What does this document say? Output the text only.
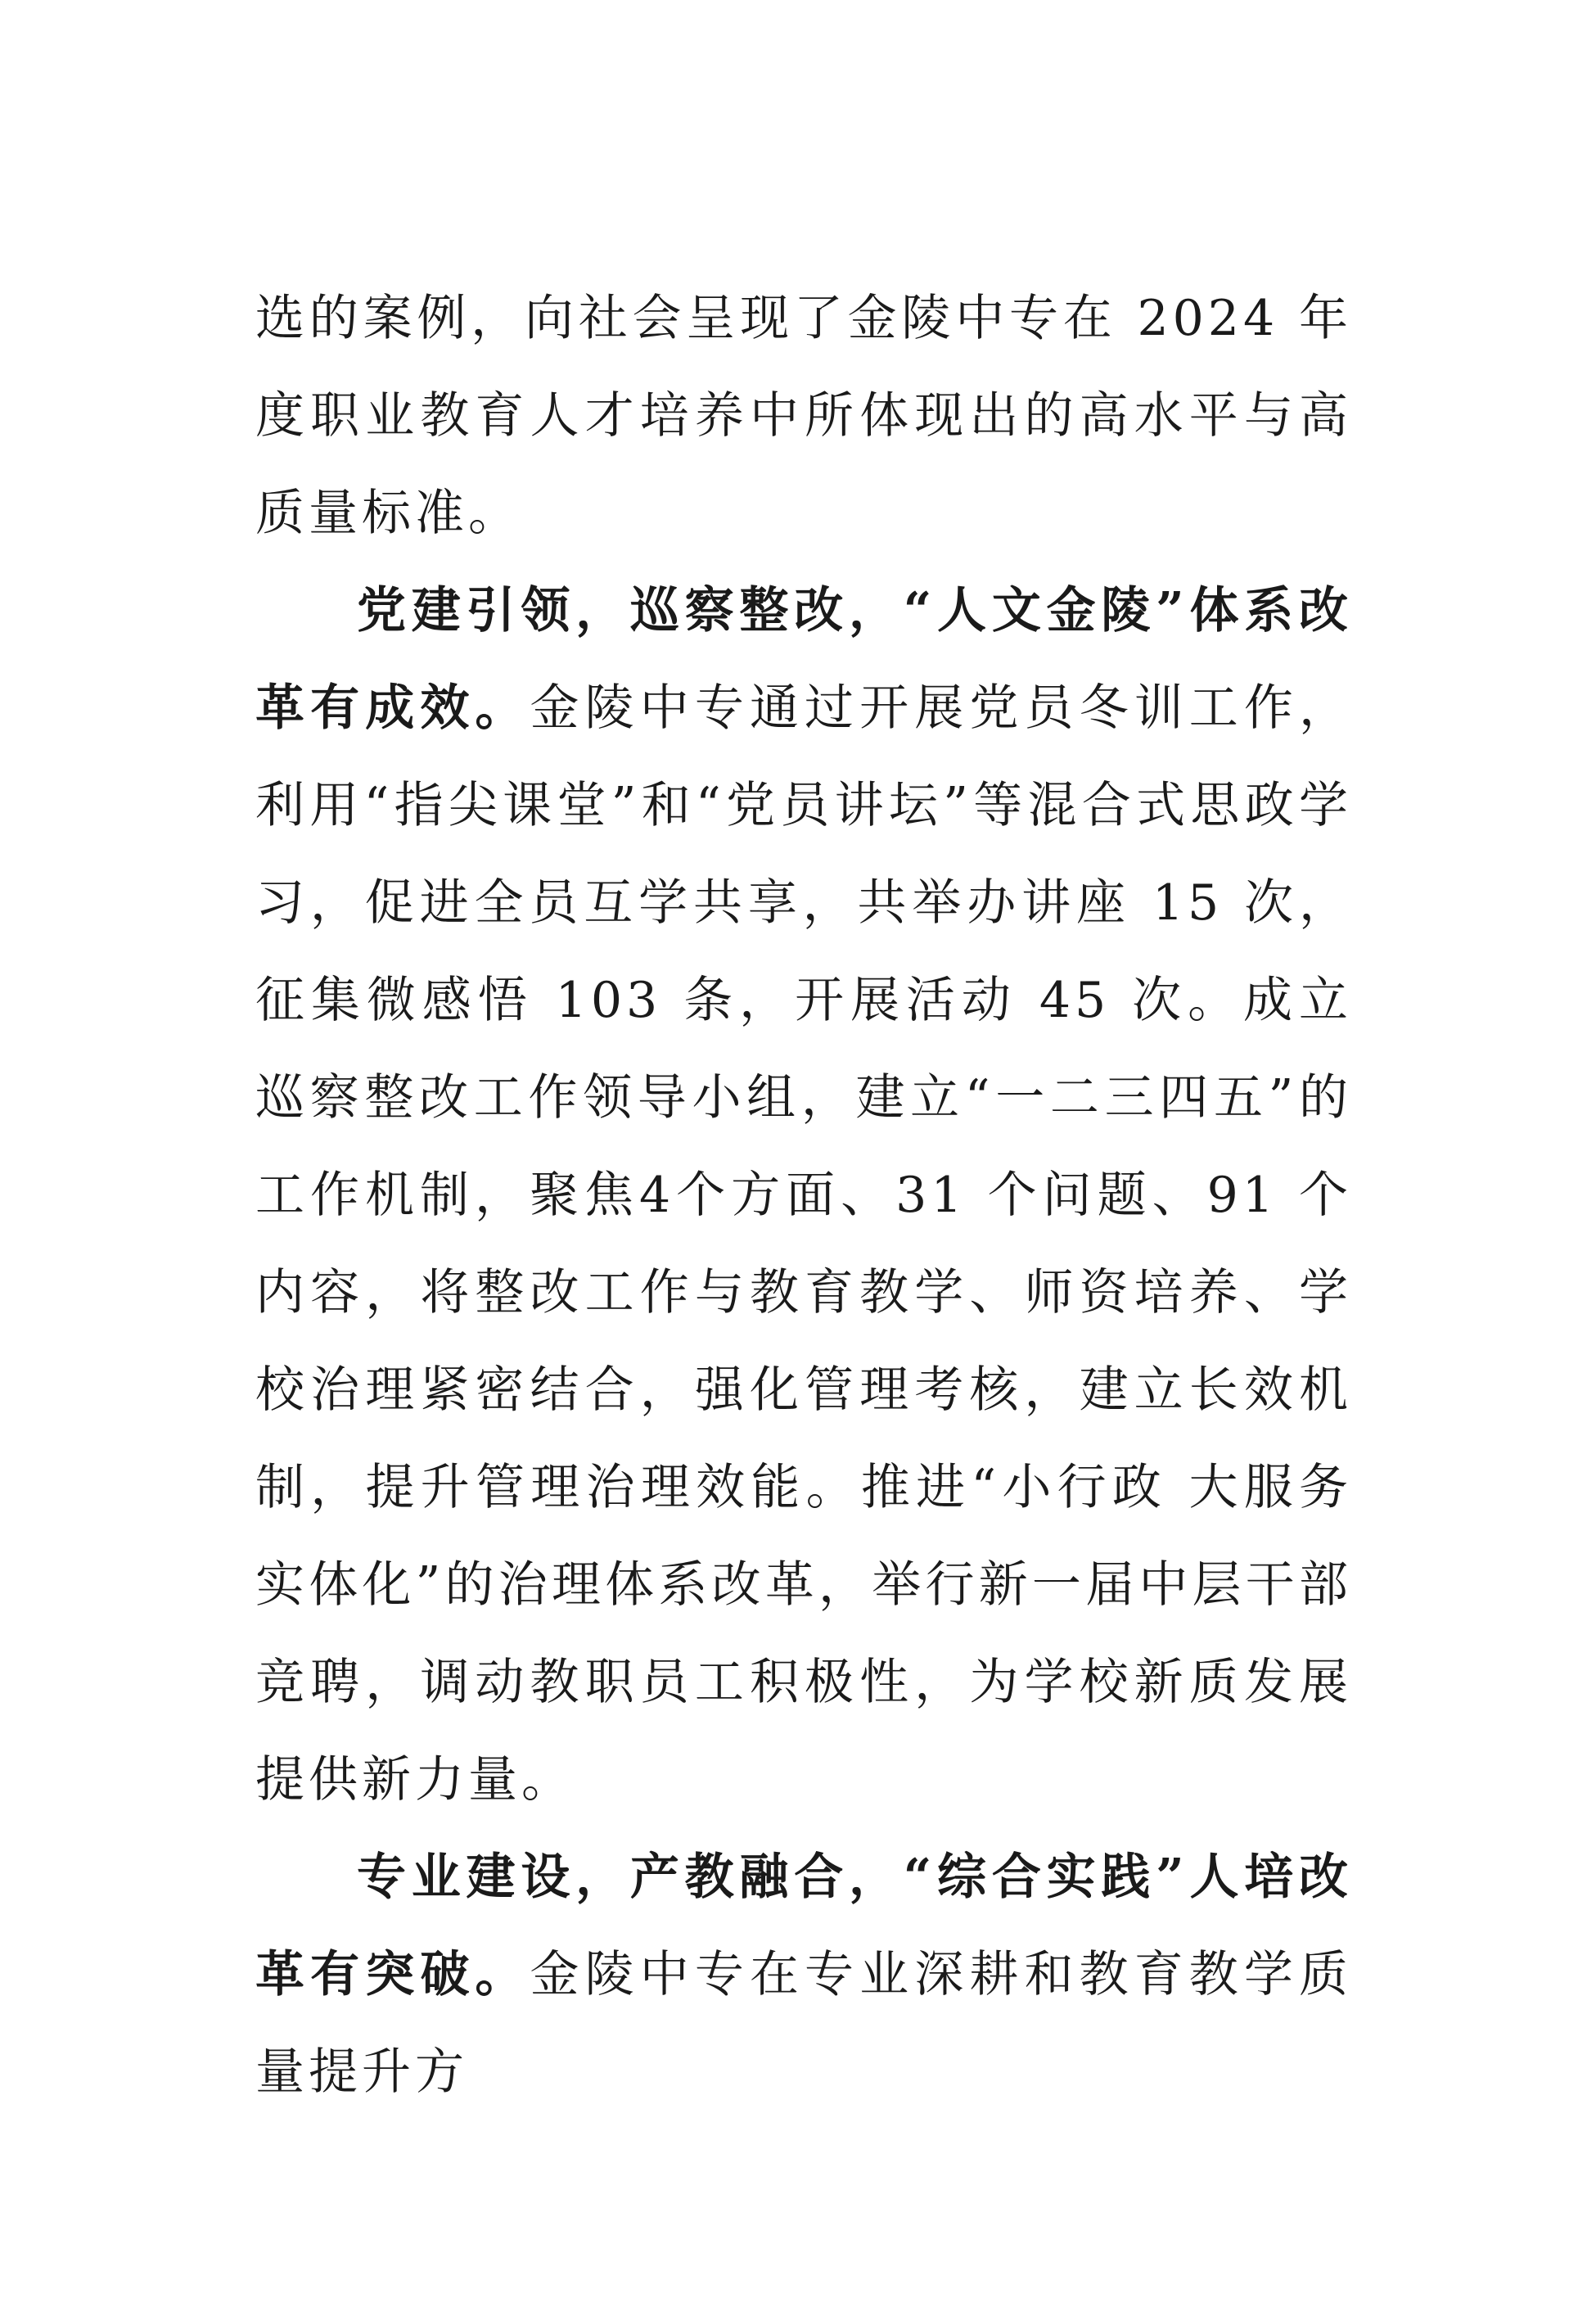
选的案例，向社会呈现了金陵中专在 2024 年度职业教育人才培养中所体现出的高水平与高质量标准。

党建引领，巡察整改，“人文金陵”体系改革有成效。金陵中专通过开展党员冬训工作，利用“指尖课堂”和“党员讲坛”等混合式思政学习，促进全员互学共享，共举办讲座 15 次，征集微感悟 103 条，开展活动 45 次。成立巡察整改工作领导小组，建立“一二三四五”的工作机制，聚焦4个方面、31 个问题、91 个内容，将整改工作与教育教学、师资培养、学校治理紧密结合，强化管理考核，建立长效机制，提升管理治理效能。推进“小行政 大服务 实体化”的治理体系改革，举行新一届中层干部竞聘，调动教职员工积极性，为学校新质发展提供新力量。

专业建设，产教融合，“综合实践”人培改革有突破。金陵中专在专业深耕和教育教学质量提升方
